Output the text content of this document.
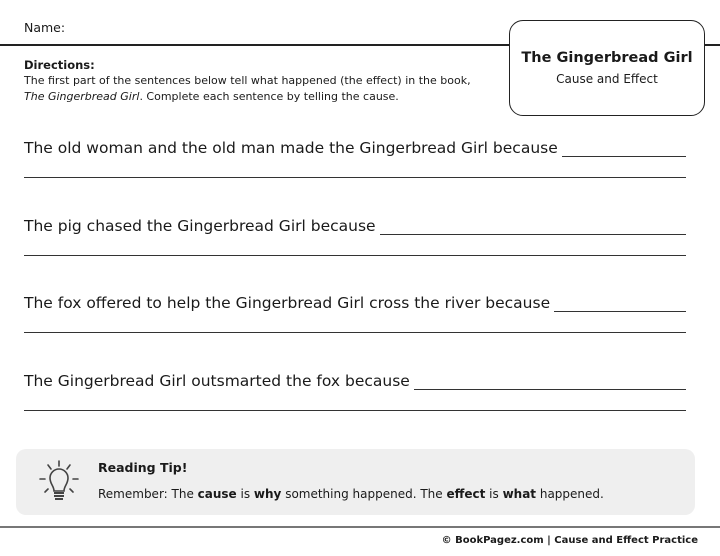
Name:
The Gingerbread Girl
Cause and Effect
Directions:
The first part of the sentences below tell what happened (the effect) in the book, The Gingerbread Girl. Complete each sentence by telling the cause.
The old woman and the old man made the Gingerbread Girl because
The pig chased the Gingerbread Girl because
The fox offered to help the Gingerbread Girl cross the river because
The Gingerbread Girl outsmarted the fox because
Reading Tip!
Remember: The cause is why something happened. The effect is what happened.
© BookPagez.com | Cause and Effect Practice
